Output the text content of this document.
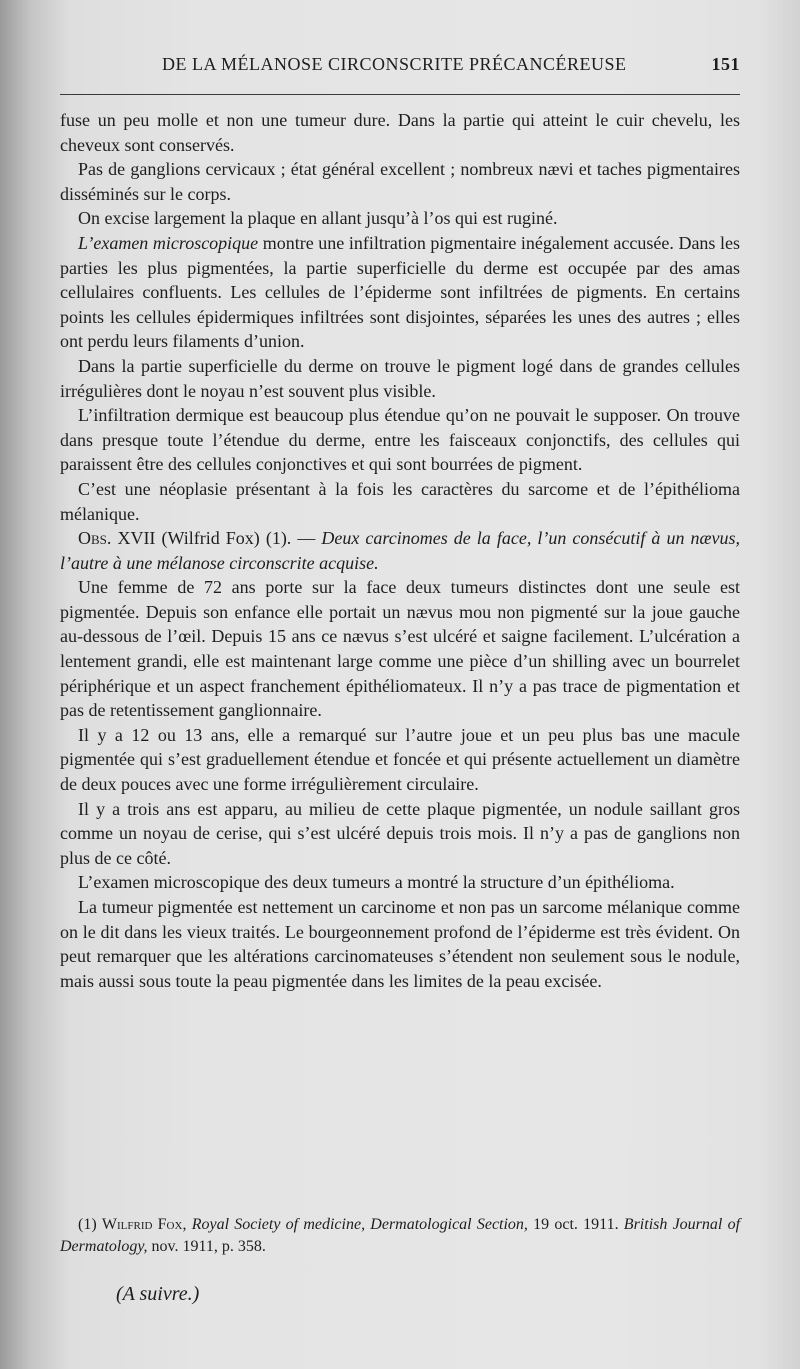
DE LA MÉLANOSE CIRCONSCRITE PRÉCANCÉREUSE	151

fuse un peu molle et non une tumeur dure. Dans la partie qui atteint le cuir chevelu, les cheveux sont conservés.

Pas de ganglions cervicaux ; état général excellent ; nombreux nævi et taches pigmentaires disséminés sur le corps.

On excise largement la plaque en allant jusqu’à l’os qui est ruginé.

L’examen microscopique montre une infiltration pigmentaire inégalement accusée. Dans les parties les plus pigmentées, la partie superficielle du derme est occupée par des amas cellulaires confluents. Les cellules de l’épiderme sont infiltrées de pigments. En certains points les cellules épidermiques infiltrées sont disjointes, séparées les unes des autres ; elles ont perdu leurs filaments d’union.

Dans la partie superficielle du derme on trouve le pigment logé dans de grandes cellules irrégulières dont le noyau n’est souvent plus visible.

L’infiltration dermique est beaucoup plus étendue qu’on ne pouvait le supposer. On trouve dans presque toute l’étendue du derme, entre les faisceaux conjonctifs, des cellules qui paraissent être des cellules conjonctives et qui sont bourrées de pigment.

C’est une néoplasie présentant à la fois les caractères du sarcome et de l’épithélioma mélanique.

Obs. XVII (Wilfrid Fox) (1). — Deux carcinomes de la face, l’un consécutif à un nævus, l’autre à une mélanose circonscrite acquise.

Une femme de 72 ans porte sur la face deux tumeurs distinctes dont une seule est pigmentée. Depuis son enfance elle portait un nævus mou non pigmenté sur la joue gauche au-dessous de l’œil. Depuis 15 ans ce nævus s’est ulcéré et saigne facilement. L’ulcération a lentement grandi, elle est maintenant large comme une pièce d’un shilling avec un bourrelet périphérique et un aspect franchement épithéliomateux. Il n’y a pas trace de pigmentation et pas de retentissement ganglionnaire.

Il y a 12 ou 13 ans, elle a remarqué sur l’autre joue et un peu plus bas une macule pigmentée qui s’est graduellement étendue et foncée et qui présente actuellement un diamètre de deux pouces avec une forme irrégulièrement circulaire.

Il y a trois ans est apparu, au milieu de cette plaque pigmentée, un nodule saillant gros comme un noyau de cerise, qui s’est ulcéré depuis trois mois. Il n’y a pas de ganglions non plus de ce côté.

L’examen microscopique des deux tumeurs a montré la structure d’un épithélioma.

La tumeur pigmentée est nettement un carcinome et non pas un sarcome mélanique comme on le dit dans les vieux traités. Le bourgeonnement profond de l’épiderme est très évident. On peut remarquer que les altérations carcinomateuses s’étendent non seulement sous le nodule, mais aussi sous toute la peau pigmentée dans les limites de la peau excisée.

(1) Wilfrid Fox, Royal Society of medicine, Dermatological Section, 19 oct. 1911. British Journal of Dermatology, nov. 1911, p. 358.

(A suivre.)
